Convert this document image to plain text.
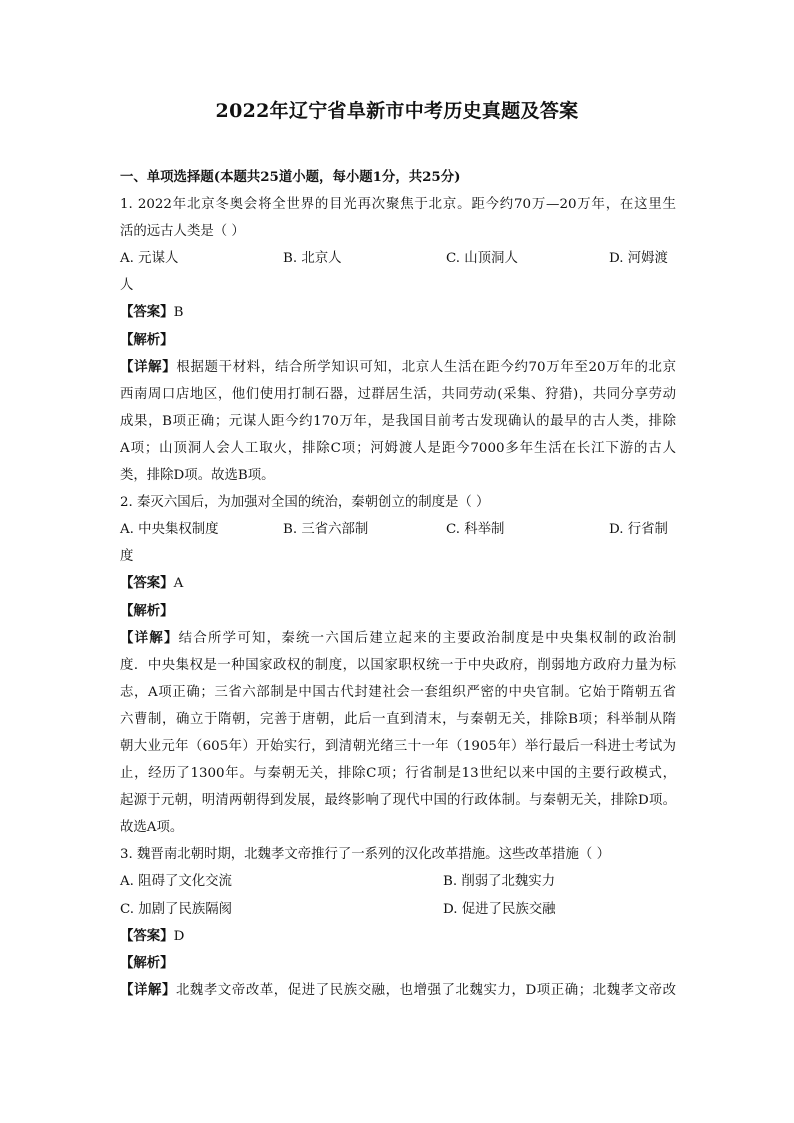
2022年辽宁省阜新市中考历史真题及答案
一、单项选择题(本题共25道小题，每小题1分，共25分)
1. 2022年北京冬奥会将全世界的目光再次聚焦于北京。距今约70万—20万年，在这里生
活的远古人类是（ ）
A. 元谋人	B. 北京人	C. 山顶洞人	D. 河姆渡
人
【答案】B
【解析】
【详解】根据题干材料，结合所学知识可知，北京人生活在距今约70万年至20万年的北京
西南周口店地区，他们使用打制石器，过群居生活，共同劳动(采集、狩猎)，共同分享劳动
成果，B项正确；元谋人距今约170万年，是我国目前考古发现确认的最早的古人类，排除
A项；山顶洞人会人工取火，排除C项；河姆渡人是距今7000多年生活在长江下游的古人
类，排除D项。故选B项。
2. 秦灭六国后，为加强对全国的统治，秦朝创立的制度是（ ）
A. 中央集权制度	B. 三省六部制	C. 科举制	D. 行省制
度
【答案】A
【解析】
【详解】结合所学可知，秦统一六国后建立起来的主要政治制度是中央集权制的政治制
度．中央集权是一种国家政权的制度，以国家职权统一于中央政府，削弱地方政府力量为标
志，A项正确；三省六部制是中国古代封建社会一套组织严密的中央官制。它始于隋朝五省
六曹制，确立于隋朝，完善于唐朝，此后一直到清末，与秦朝无关，排除B项；科举制从隋
朝大业元年（605年）开始实行，到清朝光绪三十一年（1905年）举行最后一科进士考试为
止，经历了1300年。与秦朝无关，排除C项；行省制是13世纪以来中国的主要行政模式，
起源于元朝，明清两朝得到发展，最终影响了现代中国的行政体制。与秦朝无关，排除D项。
故选A项。
3. 魏晋南北朝时期，北魏孝文帝推行了一系列的汉化改革措施。这些改革措施（ ）
A. 阻碍了文化交流	B. 削弱了北魏实力
C. 加剧了民族隔阂	D. 促进了民族交融
【答案】D
【解析】
【详解】北魏孝文帝改革，促进了民族交融，也增强了北魏实力，D项正确；北魏孝文帝改
